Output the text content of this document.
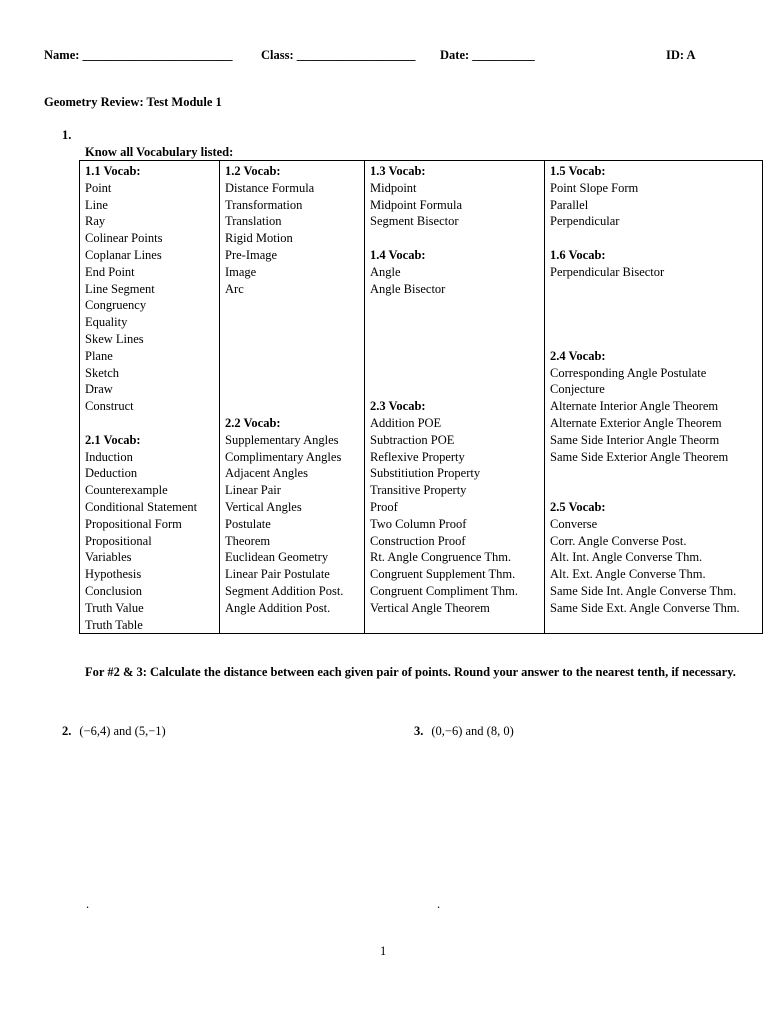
Name: ________________________ Class: ___________________ Date: __________	ID: A
Geometry Review: Test Module 1
1.
Know all Vocabulary listed:
1.1 Vocab:
Point
Line
Ray
Colinear Points
Coplanar Lines
End Point
Line Segment
Congruency
Equality
Skew Lines
Plane
Sketch
Draw
Construct

2.1 Vocab:
Induction
Deduction
Counterexample
Conditional Statement
Propositional Form
Propositional
Variables
Hypothesis
Conclusion
Truth Value
Truth Table

1.2 Vocab:
Distance Formula
Transformation
Translation
Rigid Motion
Pre-Image
Image
Arc

2.2 Vocab:
Supplementary Angles
Complimentary Angles
Adjacent Angles
Linear Pair
Vertical Angles
Postulate
Theorem
Euclidean Geometry
Linear Pair Postulate
Segment Addition Post.
Angle Addition Post.

1.3 Vocab:
Midpoint
Midpoint Formula
Segment Bisector

1.4 Vocab:
Angle
Angle Bisector

2.3 Vocab:
Addition POE
Subtraction POE
Reflexive Property
Substitiution Property
Transitive Property
Proof
Two Column Proof
Construction Proof
Rt. Angle Congruence Thm.
Congruent Supplement Thm.
Congruent Compliment Thm.
Vertical Angle Theorem

1.5 Vocab:
Point Slope Form
Parallel
Perpendicular

1.6 Vocab:
Perpendicular Bisector

2.4 Vocab:
Corresponding Angle Postulate
Conjecture
Alternate Interior Angle Theorem
Alternate Exterior Angle Theorem
Same Side Interior Angle Theorm
Same Side Exterior Angle Theorem

2.5 Vocab:
Converse
Corr. Angle Converse Post.
Alt. Int. Angle Converse Thm.
Alt. Ext. Angle Converse Thm.
Same Side Int. Angle Converse Thm.
Same Side Ext. Angle Converse Thm.
For #2 & 3: Calculate the distance between each given pair of points. Round your answer to the nearest tenth, if necessary.
2. (−6,4) and (5,−1)	3. (0,−6) and (8, 0)
.	.
1
